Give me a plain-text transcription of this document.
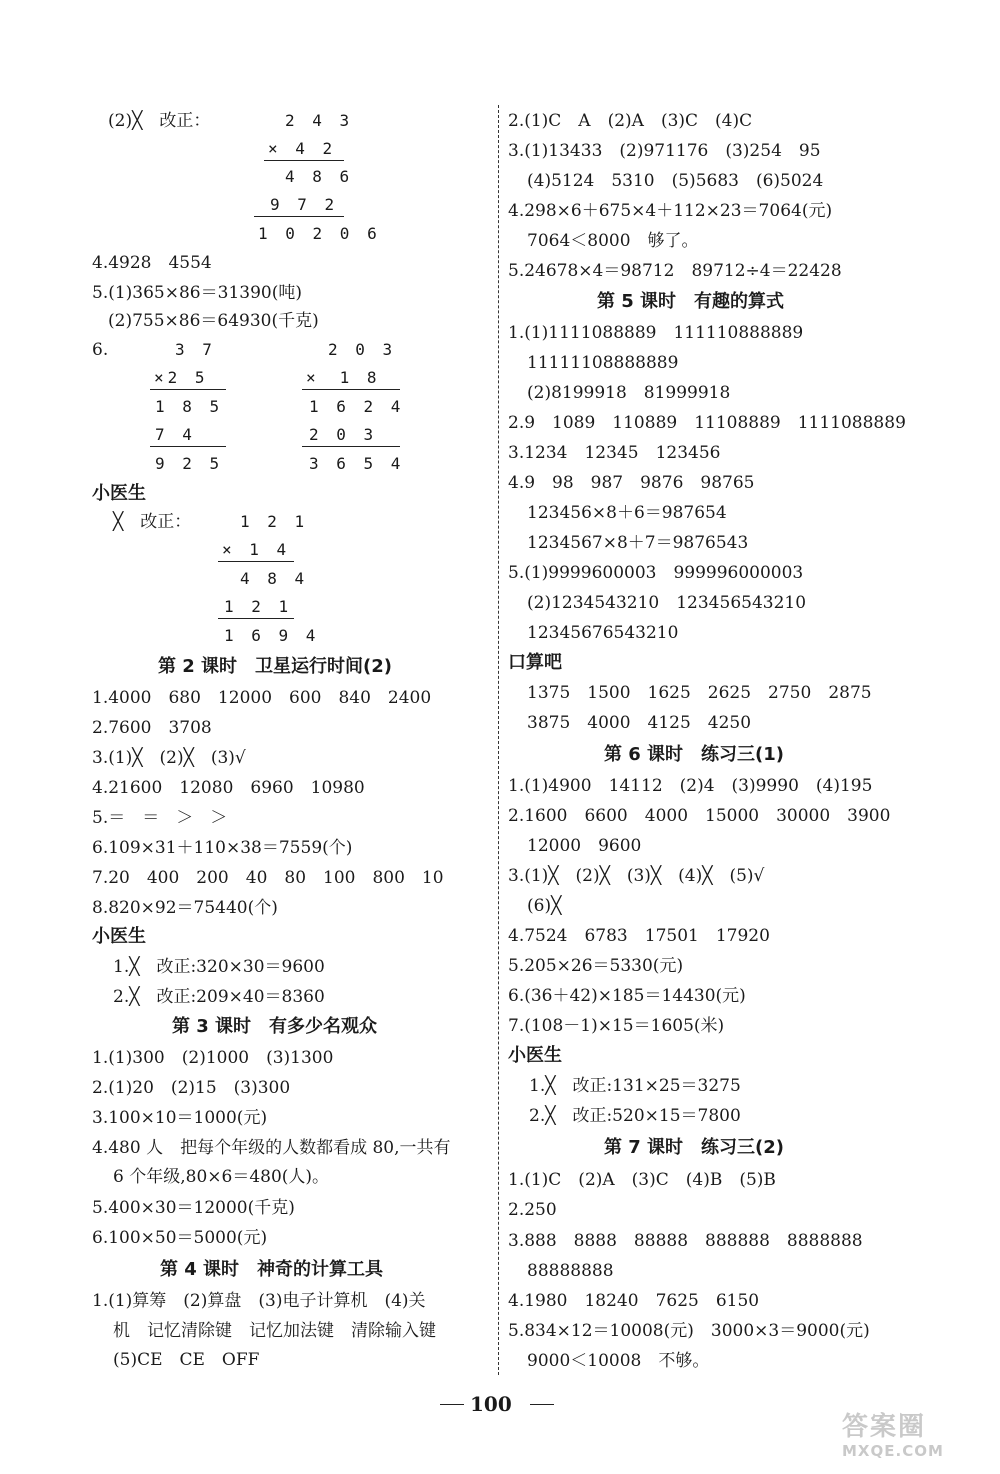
(2)╳　改正：	2 4 3
× 4 2
4 8 6
9 7 2
1 0 2 0 6
4.4928　4554
5.(1)365×86＝31390(吨)
(2)755×86＝64930(千克)
6.	3 7
×2 5
1 8 5
7 4
9 2 5
2 0 3
×　1 8
1 6 2 4
2 0 3
3 6 5 4
小医生
╳　改正：	1 2 1
× 1 4
4 8 4
1 2 1
1 6 9 4
第 2 课时　卫星运行时间(2)
1.4000　680　12000　600　840　2400
2.7600　3708
3.(1)╳　(2)╳　(3)√
4.21600　12080　6960　10980
5.＝　＝　＞　＞
6.109×31＋110×38＝7559(个)
7.20　400　200　40　80　100　800　10
8.820×92＝75440(个)
小医生
1.╳　改正:320×30＝9600
2.╳　改正:209×40＝8360
第 3 课时　有多少名观众
1.(1)300　(2)1000　(3)1300
2.(1)20　(2)15　(3)300
3.100×10＝1000(元)
4.480 人　把每个年级的人数都看成 80,一共有
6 个年级,80×6＝480(人)。
5.400×30＝12000(千克)
6.100×50＝5000(元)
第 4 课时　神奇的计算工具
1.(1)算筹　(2)算盘　(3)电子计算机　(4)关
机　记忆清除键　记忆加法键　清除输入键
(5)CE　CE　OFF
2.(1)C　A　(2)A　(3)C　(4)C
3.(1)13433　(2)971176　(3)254　95
(4)5124　5310　(5)5683　(6)5024
4.298×6＋675×4＋112×23＝7064(元)
7064＜8000　够了。
5.24678×4＝98712　89712÷4＝22428
第 5 课时　有趣的算式
1.(1)1111088889　111110888889
11111108888889
(2)8199918　81999918
2.9　1089　110889　11108889　1111088889
3.1234　12345　123456
4.9　98　987　9876　98765
123456×8＋6＝987654
1234567×8＋7＝9876543
5.(1)9999600003　999996000003
(2)1234543210　123456543210
12345676543210
口算吧
1375　1500　1625　2625　2750　2875
3875　4000　4125　4250
第 6 课时　练习三(1)
1.(1)4900　14112　(2)4　(3)9990　(4)195
2.1600　6600　4000　15000　30000　3900
12000　9600
3.(1)╳　(2)╳　(3)╳　(4)╳　(5)√
(6)╳
4.7524　6783　17501　17920
5.205×26＝5330(元)
6.(36＋42)×185＝14430(元)
7.(108－1)×15＝1605(米)
小医生
1.╳　改正:131×25＝3275
2.╳　改正:520×15＝7800
第 7 课时　练习三(2)
1.(1)C　(2)A　(3)C　(4)B　(5)B
2.250
3.888　8888　88888　888888　8888888
88888888
4.1980　18240　7625　6150
5.834×12＝10008(元)　3000×3＝9000(元)
9000＜10008　不够。
100
答案圈
MXQE.COM
